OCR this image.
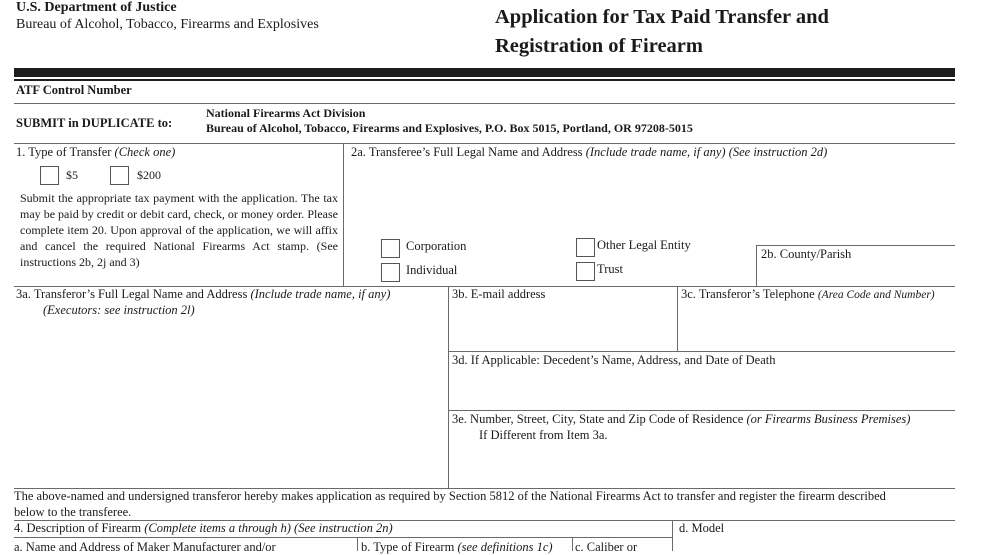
U.S. Department of Justice
Bureau of Alcohol, Tobacco, Firearms and Explosives	Application for Tax Paid Transfer and
Registration of Firearm
ATF Control Number
SUBMIT in DUPLICATE to:
National Firearms Act Division
Bureau of Alcohol, Tobacco, Firearms and Explosives, P.O. Box 5015, Portland, OR 97208-5015
1. Type of Transfer (Check one)
$5	$200
Submit the appropriate tax payment with the application. The tax may be paid by credit or debit card, check, or money order. Please complete item 20. Upon approval of the application, we will affix and cancel the required National Firearms Act stamp. (See instructions 2b, 2j and 3)
2a. Transferee’s Full Legal Name and Address (Include trade name, if any) (See instruction 2d)
Corporation	Other Legal Entity
Individual	Trust
2b. County/Parish
3a. Transferor’s Full Legal Name and Address (Include trade name, if any)
(Executors: see instruction 2l)
3b. E-mail address	3c. Transferor’s Telephone (Area Code and Number)
3d. If Applicable: Decedent’s Name, Address, and Date of Death
3e. Number, Street, City, State and Zip Code of Residence (or Firearms Business Premises)
If Different from Item 3a.
The above-named and undersigned transferor hereby makes application as required by Section 5812 of the National Firearms Act to transfer and register the firearm described
below to the transferee.
4. Description of Firearm (Complete items a through h) (See instruction 2n)	d. Model
a. Name and Address of Maker Manufacturer and/or	b. Type of Firearm (see definitions 1c) c. Caliber or
